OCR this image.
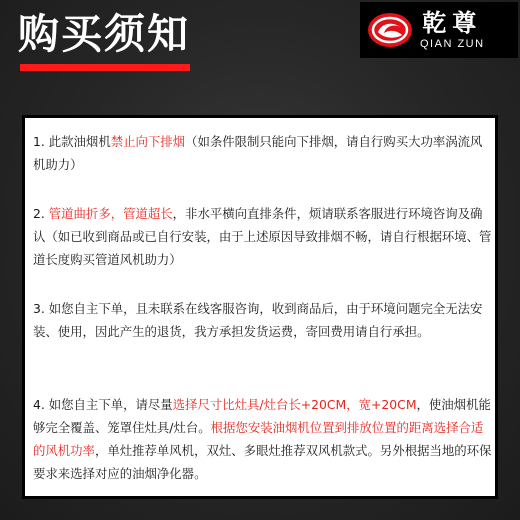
购买须知	乾尊
QIAN ZUN

1. 此款油烟机禁止向下排烟（如条件限制只能向下排烟，请自行购买大功率涡流风机助力）

2. 管道曲折多，管道超长，非水平横向直排条件，烦请联系客服进行环境咨询及确认（如已收到商品或已自行安装，由于上述原因导致排烟不畅，请自行根据环境、管道长度购买管道风机助力）

3. 如您自主下单，且未联系在线客服咨询，收到商品后，由于环境问题完全无法安装、使用，因此产生的退货，我方承担发货运费，寄回费用请自行承担。

4. 如您自主下单，请尽量选择尺寸比灶具/灶台长+20CM，宽+20CM，使油烟机能够完全覆盖、笼罩住灶具/灶台。根据您安装油烟机位置到排放位置的距离选择合适的风机功率，单灶推荐单风机，双灶、多眼灶推荐双风机款式。另外根据当地的环保要求来选择对应的油烟净化器。
